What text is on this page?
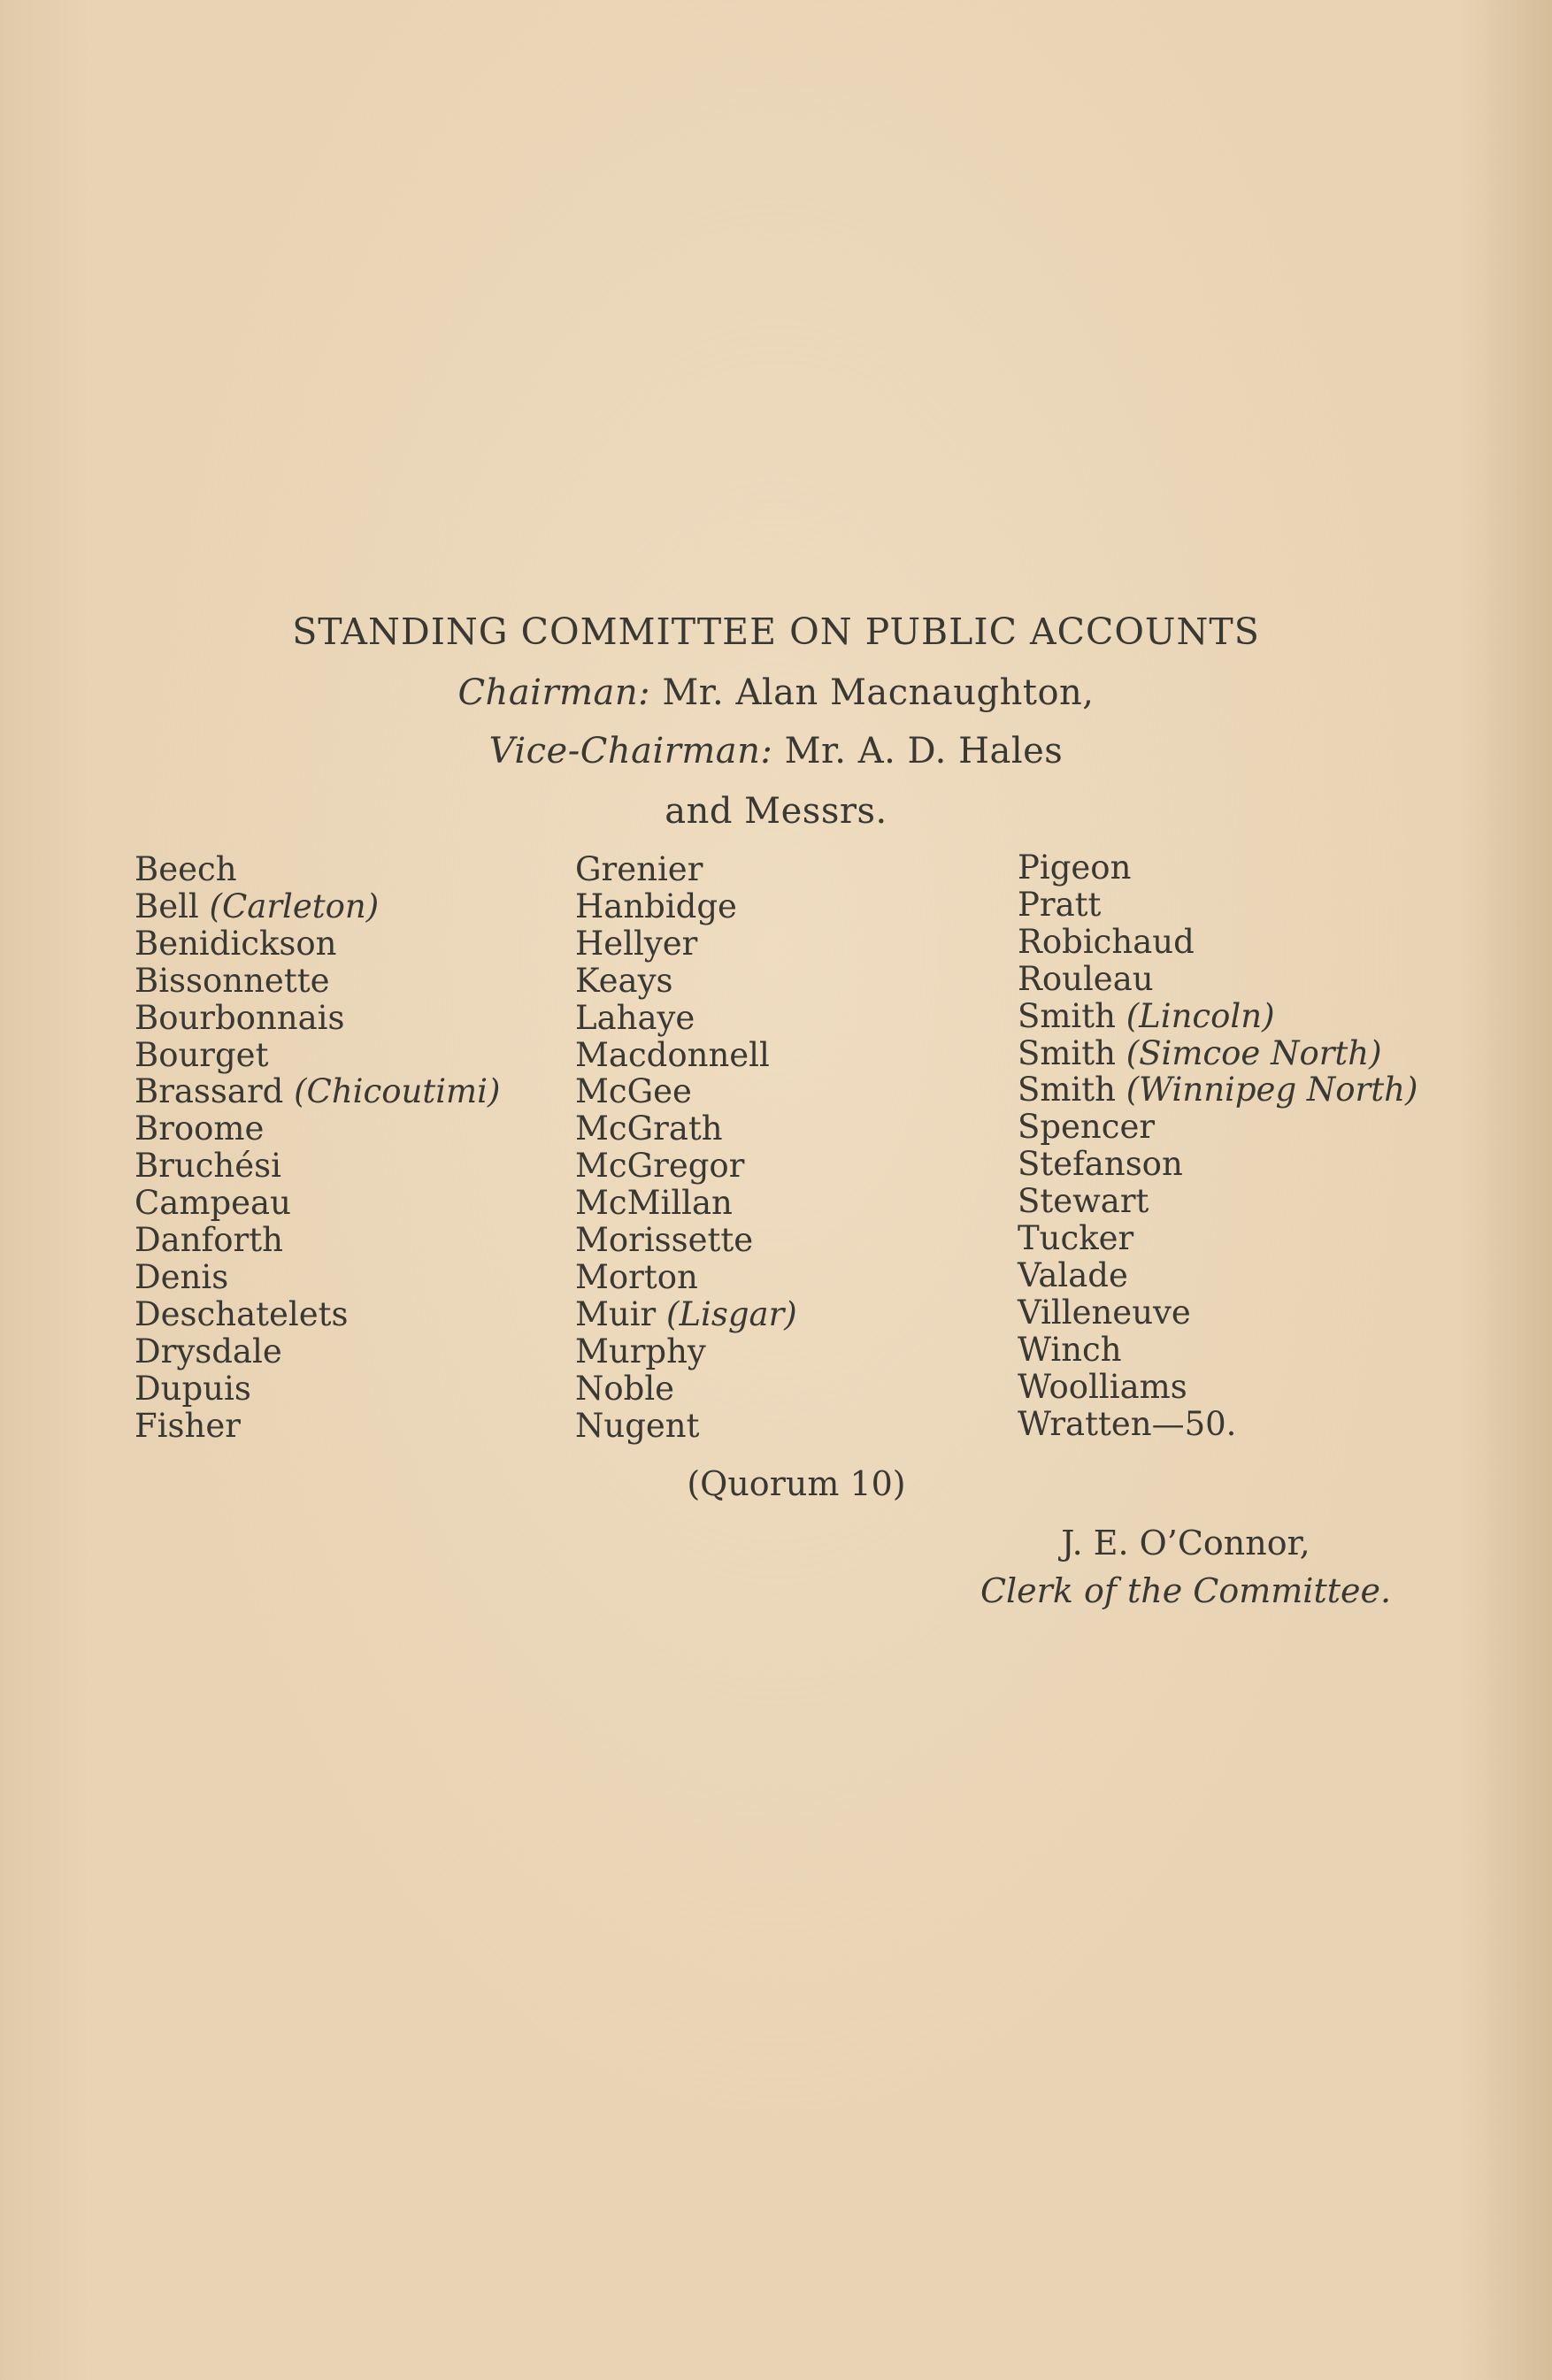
STANDING COMMITTEE ON PUBLIC ACCOUNTS
Chairman: Mr. Alan Macnaughton,
Vice-Chairman: Mr. A. D. Hales
and Messrs.
Beech
Bell (Carleton)
Benidickson
Bissonnette
Bourbonnais
Bourget
Brassard (Chicoutimi)
Broome
Bruchési
Campeau
Danforth
Denis
Deschatelets
Drysdale
Dupuis
Fisher
Grenier
Hanbidge
Hellyer
Keays
Lahaye
Macdonnell
McGee
McGrath
McGregor
McMillan
Morissette
Morton
Muir (Lisgar)
Murphy
Noble
Nugent
Pigeon
Pratt
Robichaud
Rouleau
Smith (Lincoln)
Smith (Simcoe North)
Smith (Winnipeg North)
Spencer
Stefanson
Stewart
Tucker
Valade
Villeneuve
Winch
Woolliams
Wratten—50.
(Quorum 10)
J. E. O’Connor,
Clerk of the Committee.
